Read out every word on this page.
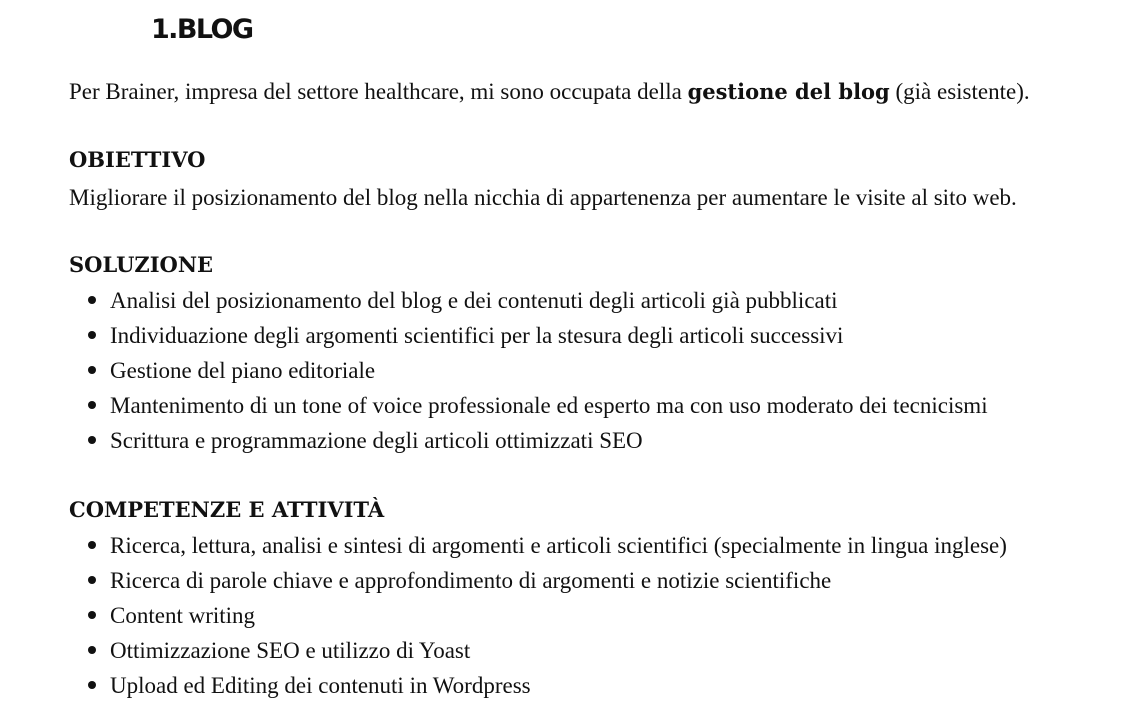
1.BLOG

Per Brainer, impresa del settore healthcare, mi sono occupata della gestione del blog (già esistente).

OBIETTIVO

Migliorare il posizionamento del blog nella nicchia di appartenenza per aumentare le visite al sito web.

SOLUZIONE
Analisi del posizionamento del blog e dei contenuti degli articoli già pubblicati
Individuazione degli argomenti scientifici per la stesura degli articoli successivi
Gestione del piano editoriale
Mantenimento di un tone of voice professionale ed esperto ma con uso moderato dei tecnicismi
Scrittura e programmazione degli articoli ottimizzati SEO
COMPETENZE E ATTIVITÀ
Ricerca, lettura, analisi e sintesi di argomenti e articoli scientifici (specialmente in lingua inglese)
Ricerca di parole chiave e approfondimento di argomenti e notizie scientifiche
Content writing
Ottimizzazione SEO e utilizzo di Yoast
Upload ed Editing dei contenuti in Wordpress
